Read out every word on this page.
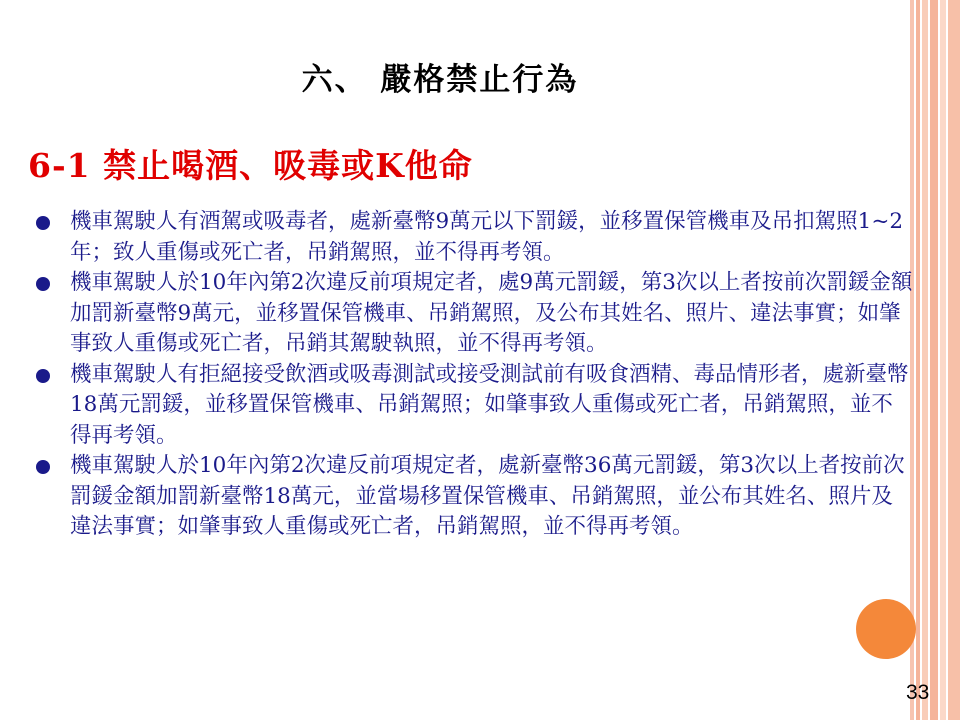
六、 嚴格禁止行為
6-1 禁止喝酒、吸毒或K他命
機車駕駛人有酒駕或吸毒者，處新臺幣9萬元以下罰鍰，並移置保管機車及吊扣駕照1~2年；致人重傷或死亡者，吊銷駕照，並不得再考領。
機車駕駛人於10年內第2次違反前項規定者，處9萬元罰鍰，第3次以上者按前次罰鍰金額加罰新臺幣9萬元，並移置保管機車、吊銷駕照，及公布其姓名、照片、違法事實；如肇事致人重傷或死亡者，吊銷其駕駛執照，並不得再考領。
機車駕駛人有拒絕接受飲酒或吸毒測試或接受測試前有吸食酒精、毒品情形者，處新臺幣18萬元罰鍰，並移置保管機車、吊銷駕照；如肇事致人重傷或死亡者，吊銷駕照，並不得再考領。
機車駕駛人於10年內第2次違反前項規定者，處新臺幣36萬元罰鍰，第3次以上者按前次罰鍰金額加罰新臺幣18萬元，並當場移置保管機車、吊銷駕照，並公布其姓名、照片及違法事實；如肇事致人重傷或死亡者，吊銷駕照，並不得再考領。
33
